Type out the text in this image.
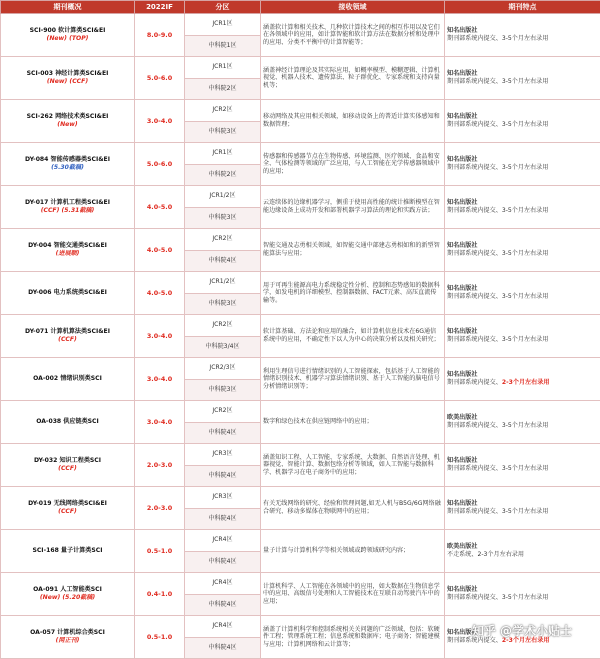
期刊概况	2022IF	分区	接收领域	期刊特点

SCI-900 软计算类SCI&EI
(New) (TOP)	8.0-9.0	JCR1区	涵盖软计算和相关技术、几种软计算技术之间的相互作用以及它们在各领域中的应用，如计算智能和软计算方法在数据分析和处理中的应用、分类不平衡中的计算智能等；	知名出版社
期刊部系统内提交、3-5个月左右录用
		中科院1区		

SCI-003 神经计算类SCI&EI
(New) (CCF)	5.0-6.0	JCR1区	涵盖神经计算理论及其实际应用，如概率模型、模糊逻辑、计算机视觉、机器人技术、遗传算法、粒子群优化、专家系统和支持向量机等；	知名出版社
期刊部系统内提交、3-5个月左右录用
		中科院2区		

SCI-262 网络技术类SCI&EI
(New)	3.0-4.0	JCR2区	移动网络及其应用相关领域，如移动设备上的普适计算实体感知和数据管理；	知名出版社
期刊部系统内提交、3-5个月左右录用
		中科院3区		

DY-084 智能传感器类SCI&EI
(5.30截稿)	5.0-6.0	JCR1区	传感器和传感器节点在生物传感、环境监测、医疗领域、食品和安全、气体检测等领域的广泛应用，与人工智能在光学传感器领域中的应用；	知名出版社
期刊部系统内提交、3-5个月左右录用
		中科院2区		

DY-017 计算机工程类SCI&EI
(CCF) (5.31截稿)	4.0-5.0	JCR1/2区	云连续体的边缘机器学习，侧重于使用高性能的统计推断模型在智能边缘设备上成功开发和部署机器学习算法的理论和实践方法；	知名出版社
期刊部系统内提交、3-5个月左右录用
		中科院3区		

DY-004 智能交通类SCI&EI
(进展顺)	4.0-5.0	JCR2区	智能交通及志勇相关领域，如智能交通中部建志勇相如和的新型智能算法与应用；	知名出版社
期刊部系统内提交、3-5个月左右录用
		中科院4区		

DY-006 电力系统类SCI&EI	4.0-5.0	JCR1/2区	用于可再生能源高电力系统稳定性分析、控制和态势感知的数据科学，如发电机的详细模型、控制器数据、FACT元素、高压直流传输等。	知名出版社
期刊部系统内提交、3-5个月左右录用
		中科院3区		

DY-071 计算机算法类SCI&EI
(CCF)	3.0-4.0	JCR2区	软计算基础、方法论和应用的融合，如计算机信息技术在6G通信系统中的应用，不确定性下以人为中心的决策分析以及相关研究；	知名出版社
期刊部系统内提交、3-5个月左右录用
		中科院3/4区		

OA-002 情绪识别类SCI	3.0-4.0	JCR2/3区	利用生理信号进行情绪识别的人工智能探索，包括基于人工智能的情绪识别技术、机器学习算法情绪识别、基于人工智能的脑电信号分析情绪识别等；	知名出版社
期刊部系统内提交、2-3个月左右录用
		中科院3区		

OA-038 供应链类SCI	3.0-4.0	JCR2区	数字和绿色技术在供应链网络中的应用；	欧美出版社
期刊部系统内提交、3-5个月左右录用
		中科院4区		

DY-032 知识工程类SCI
(CCF)	2.0-3.0	JCR3区	涵盖知识工程、人工智能、专家系统、大数据、自然语言处理、机器视觉、智能计算、数据包络分析等领域，如人工智能与数据科学、机器学习在电子商务中的应用；	知名出版社
期刊部系统内提交、3-5个月左右录用
		中科院4区		

DY-019 无线网络类SCI&EI
(CCF)	2.0-3.0	JCR3区	有关无线网络的研究、经验和管理问题,如无人机与B5G/6G网络融合研究、移动多媒体在物联网中的应用；	知名出版社
期刊部系统内提交、3-5个月左右录用
		中科院4区		

SCI-168 量子计算类SCI	0.5-1.0	JCR4区	量子计算与计算机科学等相关领域或跨领域研究内容；	欧美出版社
不走系统、2-3个月左右录用
		中科院4区		

OA-091 人工智能类SCI
(New) (5.20截稿)	0.4-1.0	JCR4区	计算机科学、人工智能在各领域中的应用，如大数据在生物信息学中的应用、高级信号处理和人工智能技术在互联自动驾驶汽车中的应用；	知名出版社
期刊部系统内提交、3-5个月左右录用
		中科院4区		

OA-057 计算机综合类SCI
(网正刊)	0.5-1.0	JCR4区	涵盖了计算机科学和控制系统相关关问题的广泛领域，包括：软硬件工程；管理系统工程；信息系统和数据库；电子商务；智能建模与应用；计算机网络和云计算等；	知名出版社
期刊部系统内提交、2-3个月左右录用
		中科院4区		
知乎 @学术小贴士
